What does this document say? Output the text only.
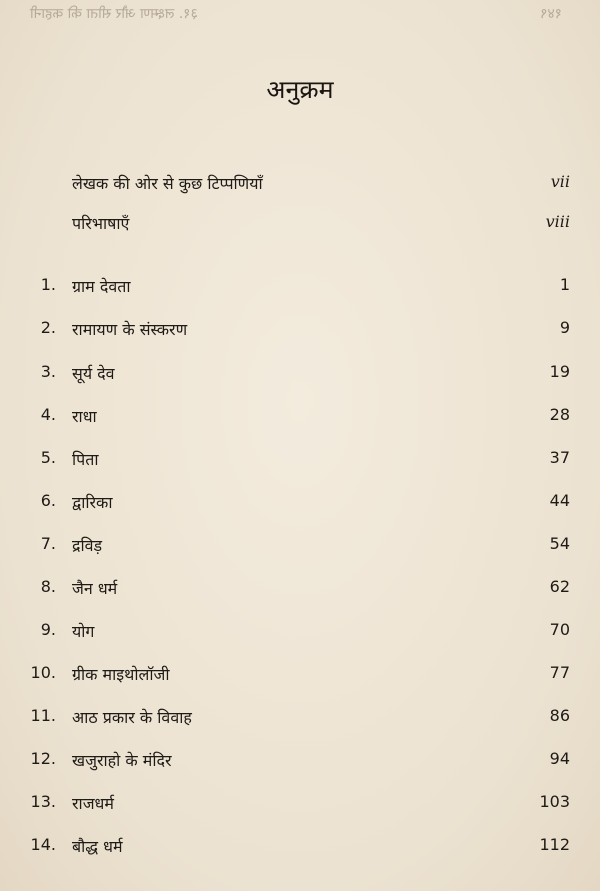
१४९
३१. लक्ष्मण और सीता की कहानी
अनुक्रम
लेखक की ओर से कुछ टिप्पणियाँ	vii
परिभाषाएँ	viii
1. ग्राम देवता	1
2. रामायण के संस्करण	9
3. सूर्य देव	19
4. राधा	28
5. पिता	37
6. द्वारिका	44
7. द्रविड़	54
8. जैन धर्म	62
9. योग	70
10. ग्रीक माइथोलॉजी	77
11. आठ प्रकार के विवाह	86
12. खजुराहो के मंदिर	94
13. राजधर्म	103
14. बौद्ध धर्म	112
